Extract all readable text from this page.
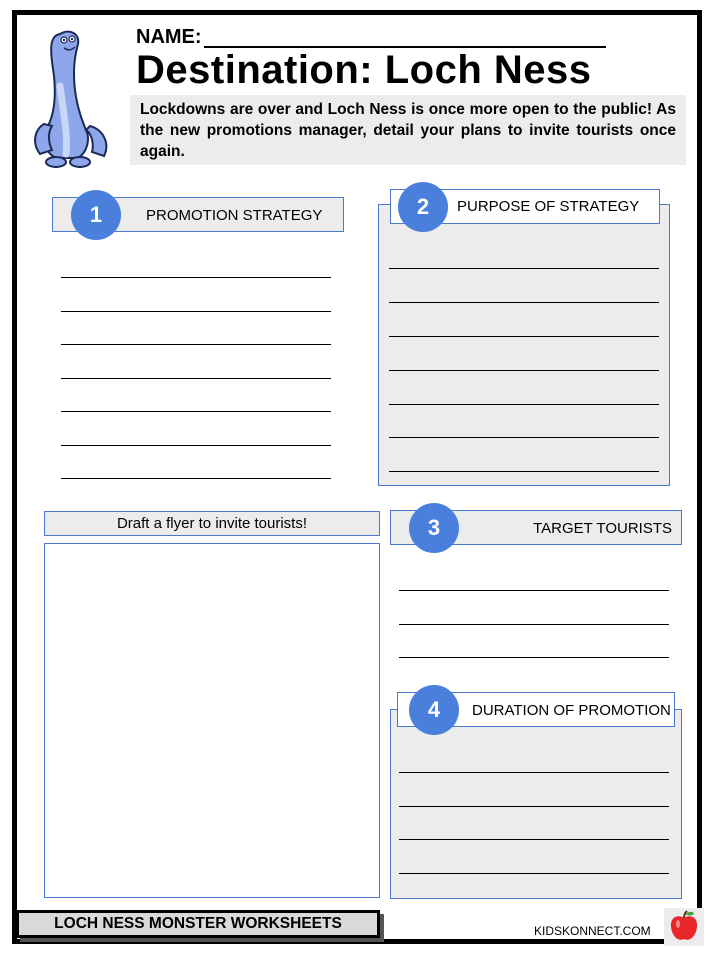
NAME:
Destination: Loch Ness
Lockdowns are over and Loch Ness is once more open to the public! As the new promotions manager, detail your plans to invite tourists once again.
PROMOTION STRATEGY
1	PURPOSE OF STRATEGY
2
Draft a flyer to invite tourists!	TARGET TOURISTS
3
DURATION OF PROMOTION
4
LOCH NESS MONSTER WORKSHEETS	KIDSKONNECT.COM
